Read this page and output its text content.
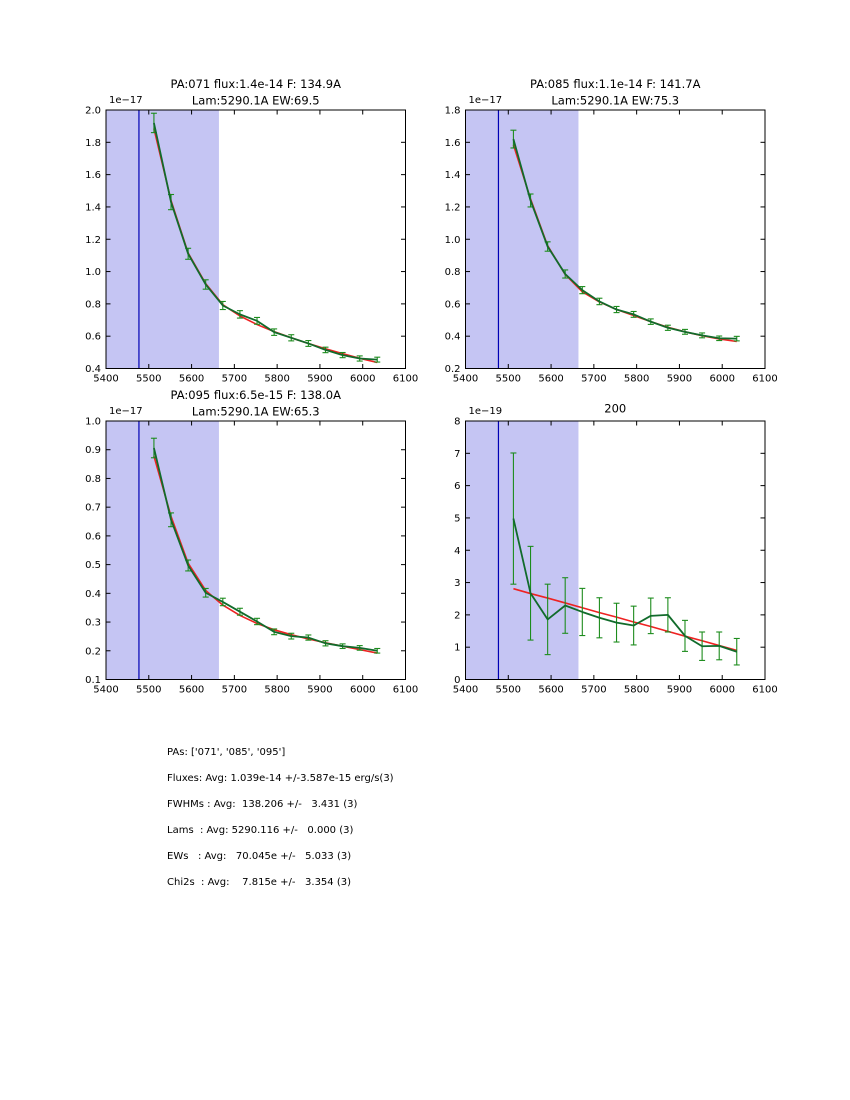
5400 5500 5600 5700 5800 5900 6000 6100
0.4
0.6
0.8
1.0
1.2
1.4
1.6
1.8
2.0
1e−17
PA:071 flux:1.4e-14 F: 134.9A
Lam:5290.1A EW:69.5
5400 5500 5600 5700 5800 5900 6000 6100
0.2
0.4
0.6
0.8
1.0
1.2
1.4
1.6
1.8
1e−17
PA:085 flux:1.1e-14 F: 141.7A
Lam:5290.1A EW:75.3
5400 5500 5600 5700 5800 5900 6000 6100
0.1
0.2
0.3
0.4
0.5
0.6
0.7
0.8
0.9
1.0
1e−17
PA:095 flux:6.5e-15 F: 138.0A
Lam:5290.1A EW:65.3
5400 5500 5600 5700 5800 5900 6000 6100
0
1
2
3
4
5
6
7
8
1e−19	200
PAs: ['071', '085', '095']
Fluxes: Avg: 1.039e-14 +/-3.587e-15 erg/s(3)
FWHMs : Avg:  138.206 +/-   3.431 (3)
Lams  : Avg: 5290.116 +/-   0.000 (3)
EWs   : Avg:   70.045e +/-   5.033 (3)
Chi2s  : Avg:    7.815e +/-   3.354 (3)
